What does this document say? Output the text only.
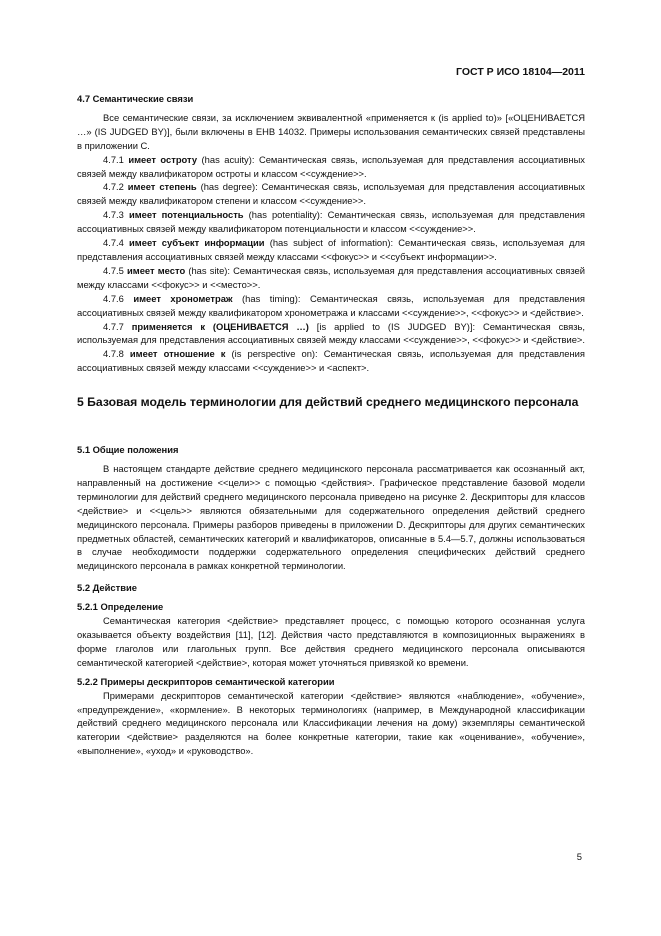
ГОСТ Р ИСО 18104—2011

4.7 Семантические связи

Все семантические связи, за исключением эквивалентной «применяется к (is applied to)» [«ОЦЕНИВАЕТСЯ …» (IS JUDGED BY)], были включены в ЕНВ 14032. Примеры использования семантических связей представлены в приложении С.

4.7.1 имеет остроту (has acuity): Семантическая связь, используемая для представления ассоциативных связей между квалификатором остроты и классом <<суждение>>.

4.7.2 имеет степень (has degree): Семантическая связь, используемая для представления ассоциативных связей между квалификатором степени и классом <<суждение>>.

4.7.3 имеет потенциальность (has potentiality): Семантическая связь, используемая для представления ассоциативных связей между квалификатором потенциальности и классом <<суждение>>.

4.7.4 имеет субъект информации (has subject of information): Семантическая связь, используемая для представления ассоциативных связей между классами <<фокус>> и <<субъект информации>>.

4.7.5 имеет место (has site): Семантическая связь, используемая для представления ассоциативных связей между классами <<фокус>> и <<место>>.

4.7.6 имеет хронометраж (has timing): Семантическая связь, используемая для представления ассоциативных связей между квалификатором хронометража и классами <<суждение>>, <<фокус>> и <действие>.

4.7.7 применяется к (ОЦЕНИВАЕТСЯ …) [is applied to (IS JUDGED BY)]: Семантическая связь, используемая для представления ассоциативных связей между классами <<суждение>>, <<фокус>> и <действие>.

4.7.8 имеет отношение к (is perspective on): Семантическая связь, используемая для представления ассоциативных связей между классами <<суждение>> и <аспект>.

5 Базовая модель терминологии для действий среднего медицинского персонала

5.1 Общие положения

В настоящем стандарте действие среднего медицинского персонала рассматривается как осознанный акт, направленный на достижение <<цели>> с помощью <действия>. Графическое представление базовой модели терминологии для действий среднего медицинского персонала приведено на рисунке 2. Дескрипторы для классов <действие> и <<цель>> являются обязательными для содержательного определения действий среднего медицинского персонала. Примеры разборов приведены в приложении D. Дескрипторы для других семантических предметных областей, семантических категорий и квалификаторов, описанные в 5.4—5.7, должны использоваться в случае необходимости поддержки содержательного определения специфических действий среднего медицинского персонала в рамках конкретной терминологии.

5.2 Действие

5.2.1 Определение

Семантическая категория <действие> представляет процесс, с помощью которого осознанная услуга оказывается объекту воздействия [11], [12]. Действия часто представляются в композиционных выражениях в форме глаголов или глагольных групп. Все действия среднего медицинского персонала описываются семантической категорией <действие>, которая может уточняться привязкой ко времени.

5.2.2 Примеры дескрипторов семантической категории

Примерами дескрипторов семантической категории <действие> являются «наблюдение», «обучение», «предупреждение», «кормление». В некоторых терминологиях (например, в Международной классификации действий среднего медицинского персонала или Классификации лечения на дому) экземпляры семантической категории <действие> разделяются на более конкретные категории, такие как «оценивание», «обучение», «выполнение», «уход» и «руководство».

5
